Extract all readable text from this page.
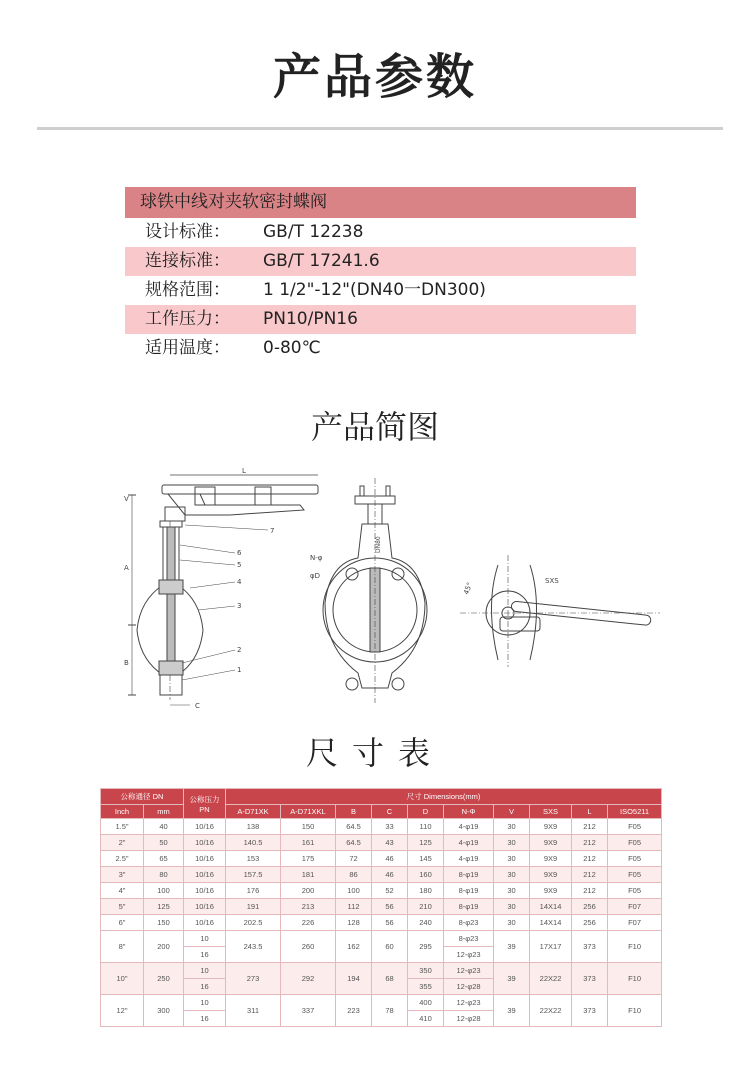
产品参数
球铁中线对夹软密封蝶阀
设计标准：	GB/T 12238
连接标准：	GB/T 17241.6
规格范围：	1 1/2"-12"(DN40一DN300)
工作压力：	PN10/PN16
适用温度：	0-80℃
产品简图
L
V
A
B
C
7
6
5
4
3
2
1
N-φ
φD
DN80
SXS
45°
尺寸表
公称通径 DN		公称压力
PN	尺寸 Dimensions(mm)									
Inch	mm		A-D71XK	A-D71XKL	B	C	D	N-Φ	V	SXS	L	ISO5211
1.5"	40	10/16	138	150	64.5	33	110	4-φ19	30	9X9	212	F05
2"	50	10/16	140.5	161	64.5	43	125	4-φ19	30	9X9	212	F05
2.5"	65	10/16	153	175	72	46	145	4-φ19	30	9X9	212	F05
3"	80	10/16	157.5	181	86	46	160	8-φ19	30	9X9	212	F05
4"	100	10/16	176	200	100	52	180	8-φ19	30	9X9	212	F05
5"	125	10/16	191	213	112	56	210	8-φ19	30	14X14	256	F07
6"	150	10/16	202.5	226	128	56	240	8-φ23	30	14X14	256	F07
8"	200	10	243.5	260	162	60	295	8-φ23	39	17X17	373	F10
		16						12-φ23				
10"	250	10	273	292	194	68	350	12-φ23	39	22X22	373	F10
		16					355	12-φ28				
12"	300	10	311	337	223	78	400	12-φ23	39	22X22	373	F10
		16					410	12-φ28				
